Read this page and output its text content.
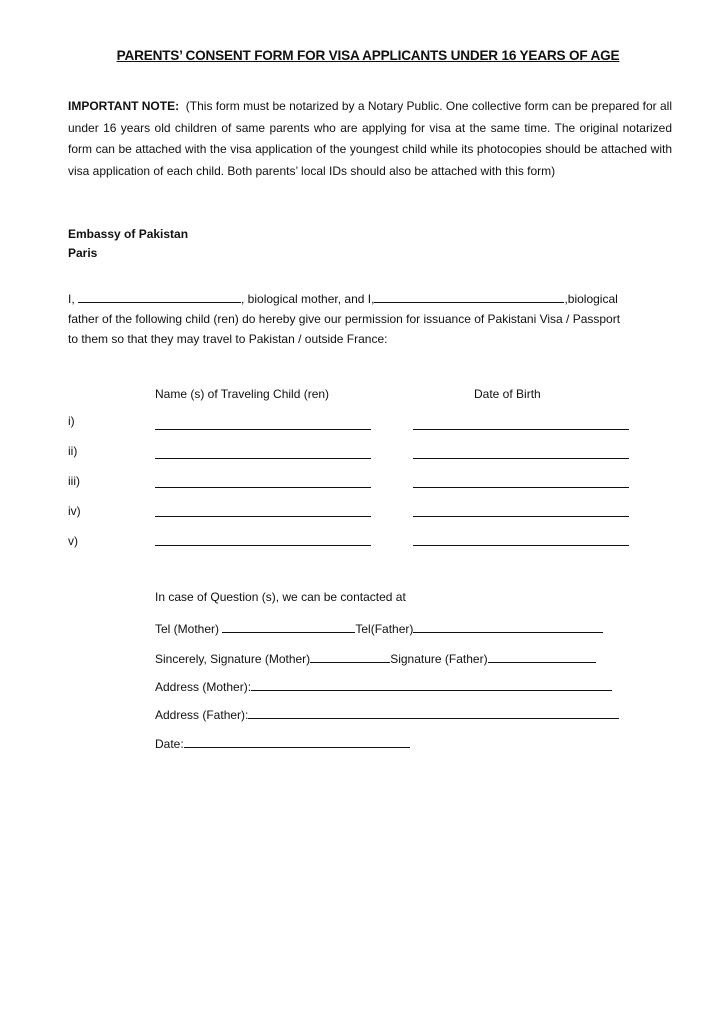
PARENTS’ CONSENT FORM FOR VISA APPLICANTS UNDER 16 YEARS OF AGE
IMPORTANT NOTE: (This form must be notarized by a Notary Public. One collective form can be prepared for all under 16 years old children of same parents who are applying for visa at the same time. The original notarized form can be attached with the visa application of the youngest child while its photocopies should be attached with visa application of each child. Both parents’ local IDs should also be attached with this form)
Embassy of Pakistan
Paris
I,	, biological mother, and I,	,biological
father of the following child (ren) do hereby give our permission for issuance of Pakistani Visa / Passport
to them so that they may travel to Pakistan / outside France:
Name (s) of Traveling Child (ren)	Date of Birth
i)
ii)
iii)
iv)
v)
In case of Question (s), we can be contacted at
Tel (Mother)	Tel(Father)
Sincerely, Signature (Mother)	Signature (Father)
Address (Mother):
Address (Father):
Date:
